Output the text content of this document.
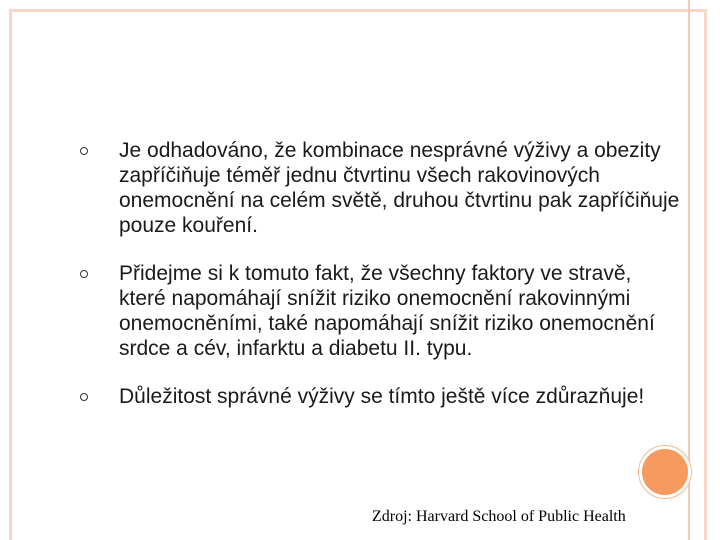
Je odhadováno, že kombinace nesprávné výživy a obezity zapříčiňuje téměř jednu čtvrtinu všech rakovinových onemocnění na celém světě, druhou čtvrtinu pak zapříčiňuje pouze kouření.
Přidejme si k tomuto fakt, že všechny faktory ve stravě, které napomáhají snížit riziko onemocnění rakovinnými onemocněními, také napomáhají snížit riziko onemocnění srdce a cév, infarktu a diabetu II. typu.
Důležitost správné výživy se tímto ještě více zdůrazňuje!
Zdroj: Harvard School of Public Health
